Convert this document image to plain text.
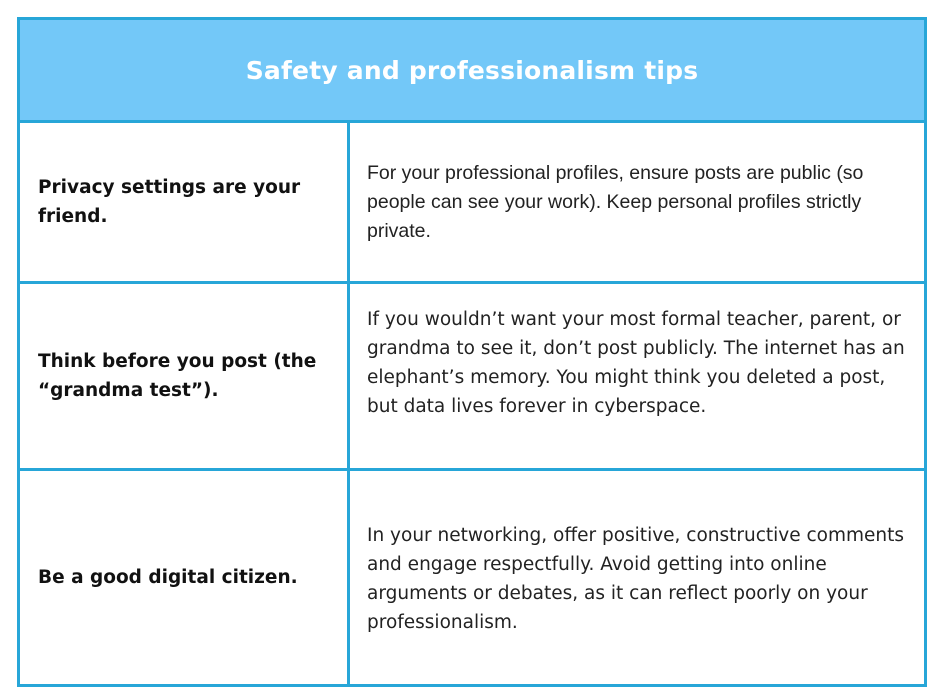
Safety and professionalism tips
Privacy settings are your friend.
For your professional profiles, ensure posts are public (so people can see your work). Keep personal profiles strictly private.
Think before you post (the “grandma test”).
If you wouldn’t want your most formal teacher, parent, or grandma to see it, don’t post publicly. The internet has an elephant’s memory. You might think you deleted a post, but data lives forever in cyberspace.
Be a good digital citizen.
In your networking, offer positive, constructive comments and engage respectfully. Avoid getting into online arguments or debates, as it can reflect poorly on your professionalism.
